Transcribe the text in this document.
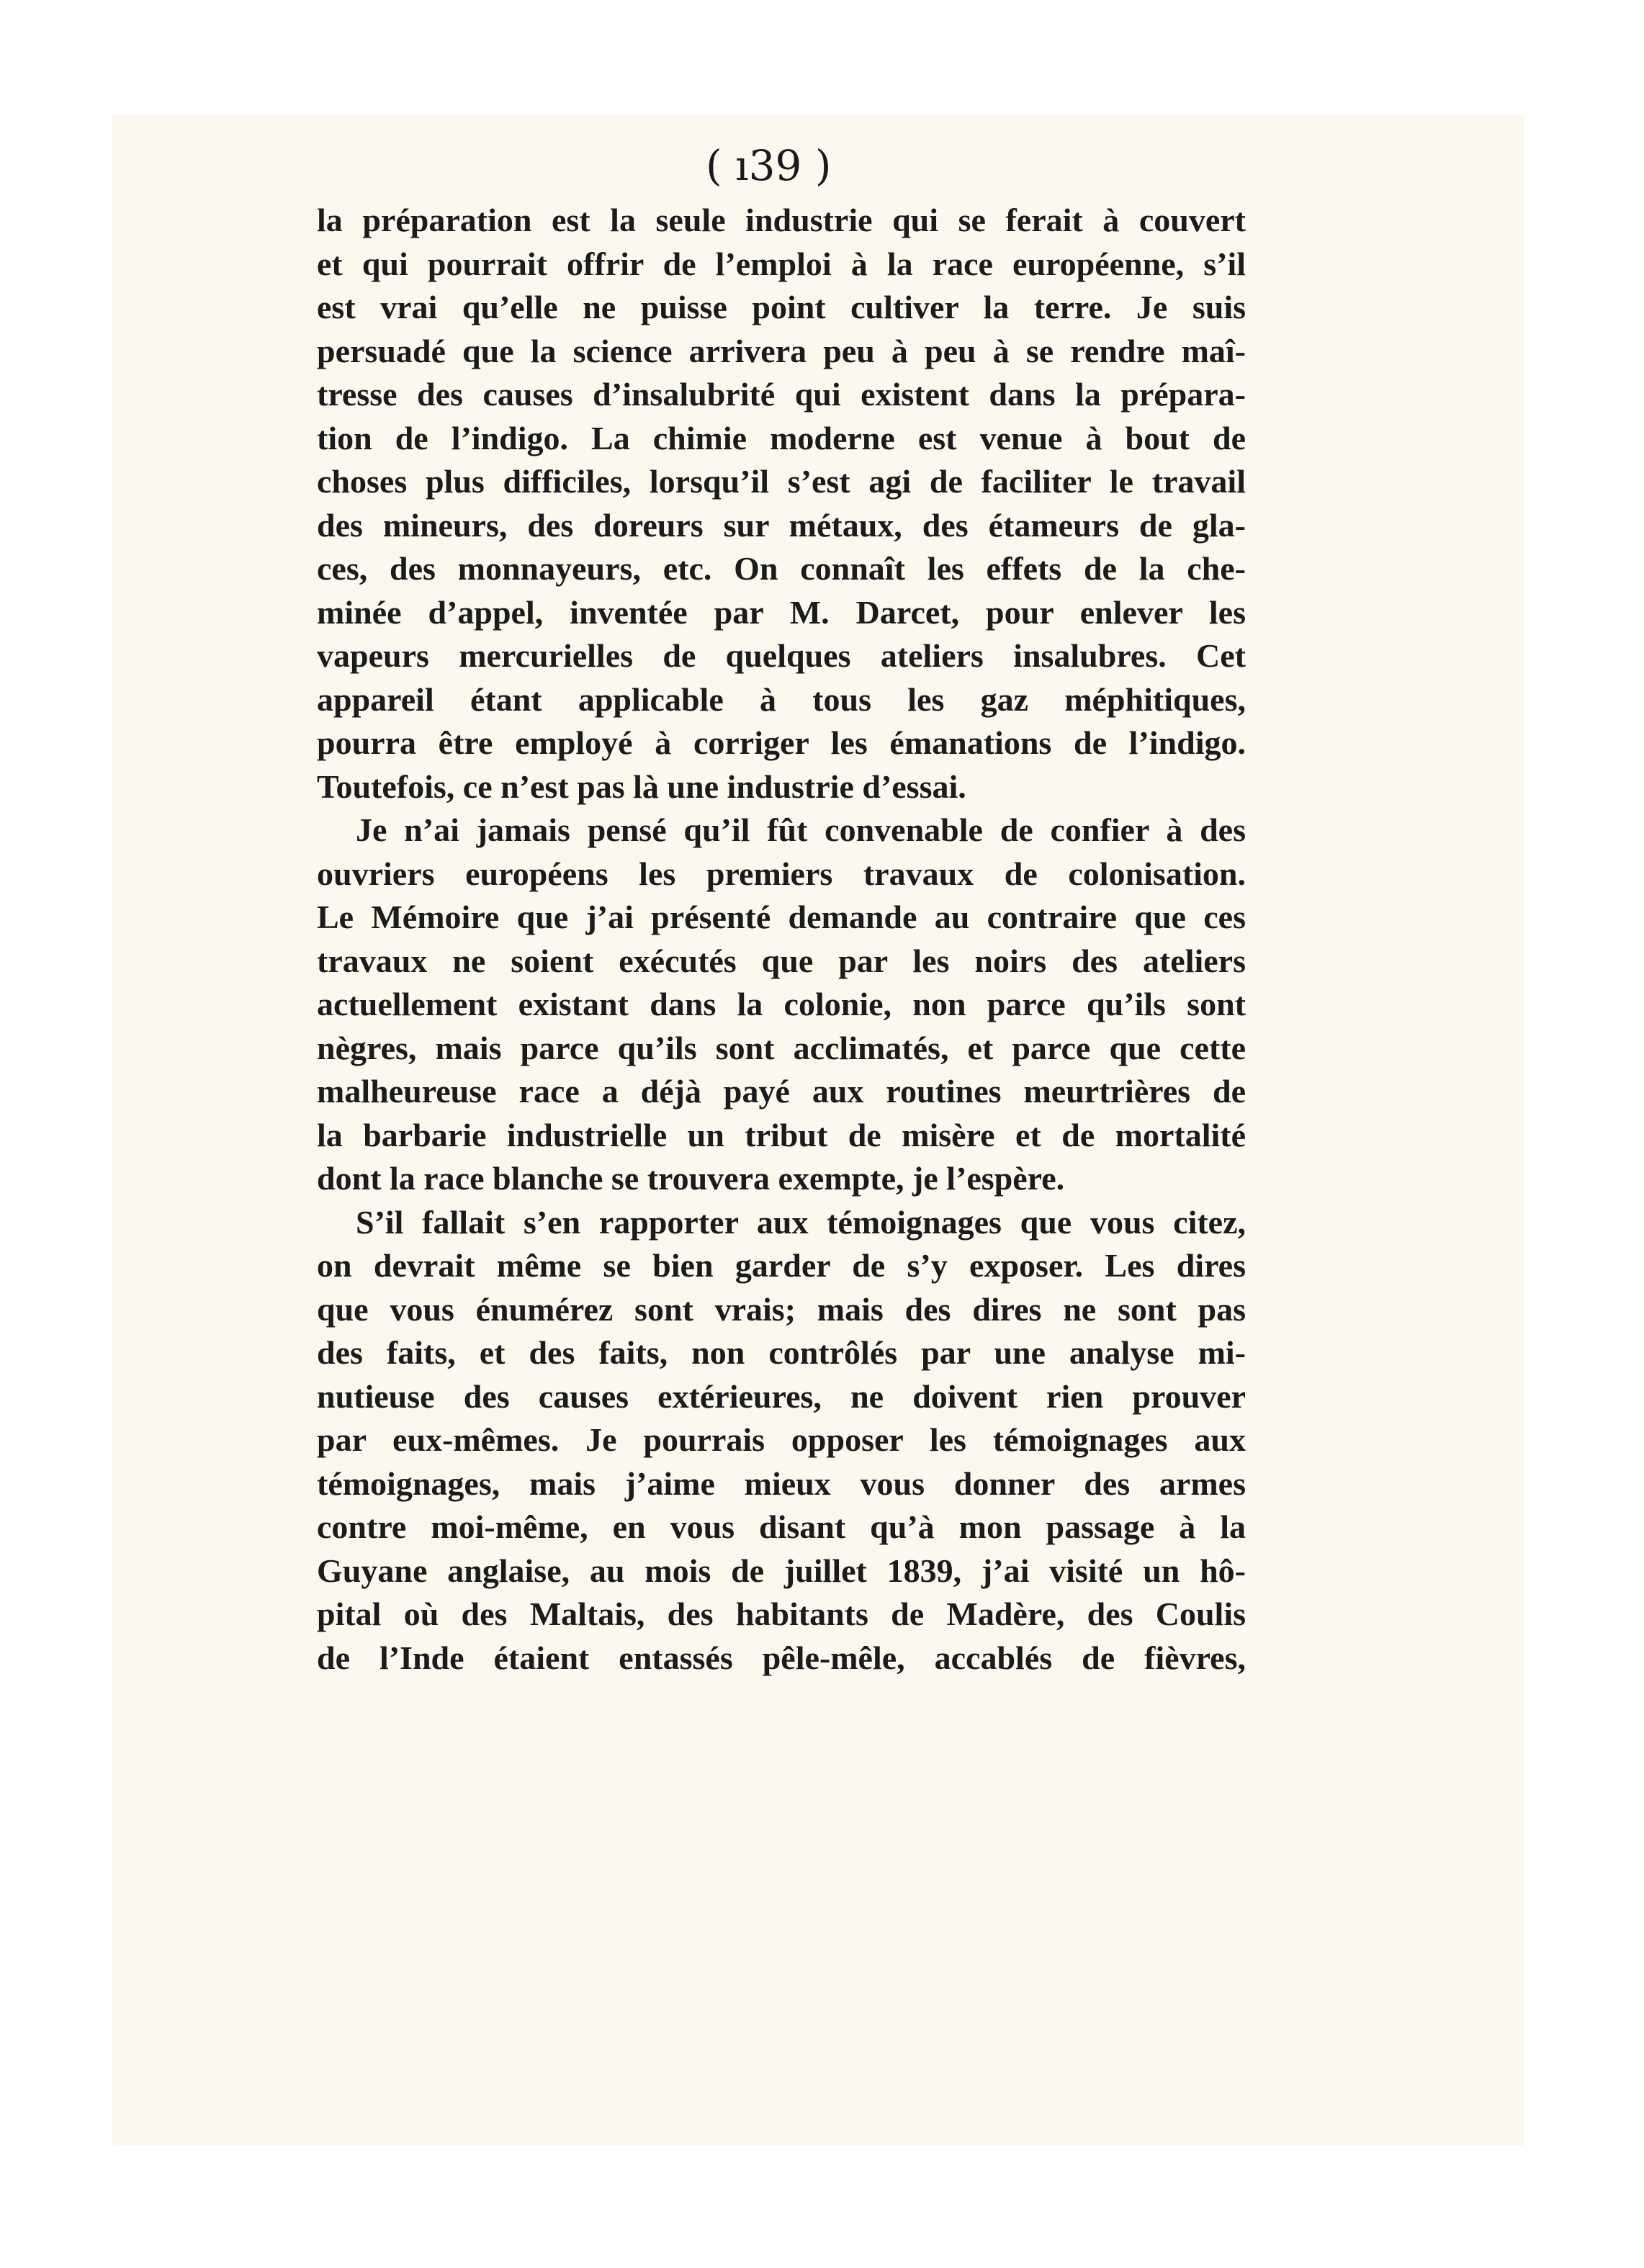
( ı39 )

la préparation est la seule industrie qui se ferait à couvert
et qui pourrait offrir de l’emploi à la race européenne, s’il
est vrai qu’elle ne puisse point cultiver la terre. Je suis
persuadé que la science arrivera peu à peu à se rendre maî-
tresse des causes d’insalubrité qui existent dans la prépara-
tion de l’indigo. La chimie moderne est venue à bout de
choses plus difficiles, lorsqu’il s’est agi de faciliter le travail
des mineurs, des doreurs sur métaux, des étameurs de gla-
ces, des monnayeurs, etc. On connaît les effets de la che-
minée d’appel, inventée par M. Darcet, pour enlever les
vapeurs mercurielles de quelques ateliers insalubres. Cet
appareil étant applicable à tous les gaz méphitiques,
pourra être employé à corriger les émanations de l’indigo.
Toutefois, ce n’est pas là une industrie d’essai.
Je n’ai jamais pensé qu’il fût convenable de confier à des
ouvriers européens les premiers travaux de colonisation.
Le Mémoire que j’ai présenté demande au contraire que ces
travaux ne soient exécutés que par les noirs des ateliers
actuellement existant dans la colonie, non parce qu’ils sont
nègres, mais parce qu’ils sont acclimatés, et parce que cette
malheureuse race a déjà payé aux routines meurtrières de
la barbarie industrielle un tribut de misère et de mortalité
dont la race blanche se trouvera exempte, je l’espère.
S’il fallait s’en rapporter aux témoignages que vous citez,
on devrait même se bien garder de s’y exposer. Les dires
que vous énumérez sont vrais; mais des dires ne sont pas
des faits, et des faits, non contrôlés par une analyse mi-
nutieuse des causes extérieures, ne doivent rien prouver
par eux-mêmes. Je pourrais opposer les témoignages aux
témoignages, mais j’aime mieux vous donner des armes
contre moi-même, en vous disant qu’à mon passage à la
Guyane anglaise, au mois de juillet 1839, j’ai visité un hô-
pital où des Maltais, des habitants de Madère, des Coulis
de l’Inde étaient entassés pêle-mêle, accablés de fièvres,
